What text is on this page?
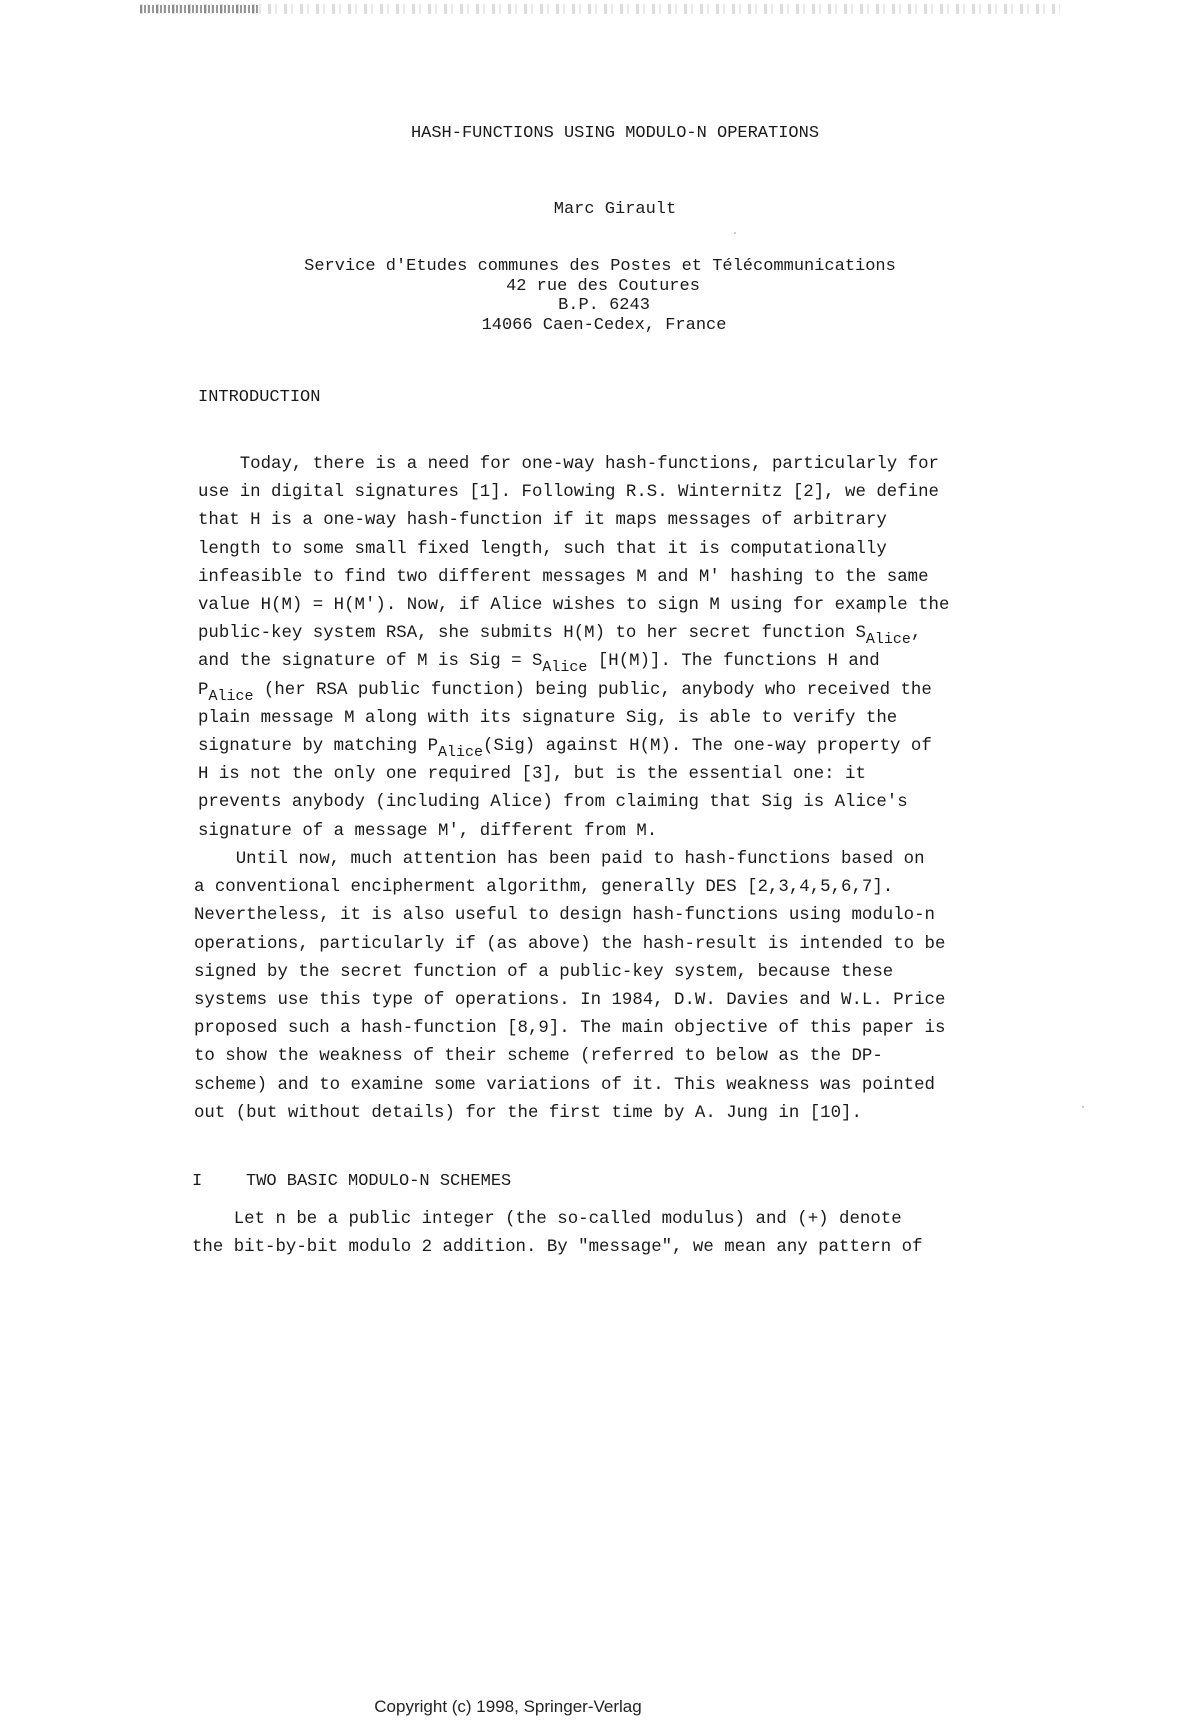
HASH-FUNCTIONS USING MODULO-N OPERATIONS
Marc Girault
Service d'Etudes communes des Postes et Télécommunications
42 rue des Coutures
B.P. 6243
14066 Caen-Cedex, France
INTRODUCTION
Today, there is a need for one-way hash-functions, particularly for
use in digital signatures [1]. Following R.S. Winternitz [2], we define
that H is a one-way hash-function if it maps messages of arbitrary
length to some small fixed length, such that it is computationally
infeasible to find two different messages M and M' hashing to the same
value H(M) = H(M'). Now, if Alice wishes to sign M using for example the
public-key system RSA, she submits H(M) to her secret function SAlice,
and the signature of M is Sig = SAlice [H(M)]. The functions H and
PAlice (her RSA public function) being public, anybody who received the
plain message M along with its signature Sig, is able to verify the
signature by matching PAlice(Sig) against H(M). The one-way property of
H is not the only one required [3], but is the essential one: it
prevents anybody (including Alice) from claiming that Sig is Alice's
signature of a message M', different from M.
Until now, much attention has been paid to hash-functions based on
a conventional encipherment algorithm, generally DES [2,3,4,5,6,7].
Nevertheless, it is also useful to design hash-functions using modulo-n
operations, particularly if (as above) the hash-result is intended to be
signed by the secret function of a public-key system, because these
systems use this type of operations. In 1984, D.W. Davies and W.L. Price
proposed such a hash-function [8,9]. The main objective of this paper is
to show the weakness of their scheme (referred to below as the DP-
scheme) and to examine some variations of it. This weakness was pointed
out (but without details) for the first time by A. Jung in [10].
I	TWO BASIC MODULO-N SCHEMES
Let n be a public integer (the so-called modulus) and (+) denote
the bit-by-bit modulo 2 addition. By "message", we mean any pattern of
Copyright (c) 1998, Springer-Verlag
